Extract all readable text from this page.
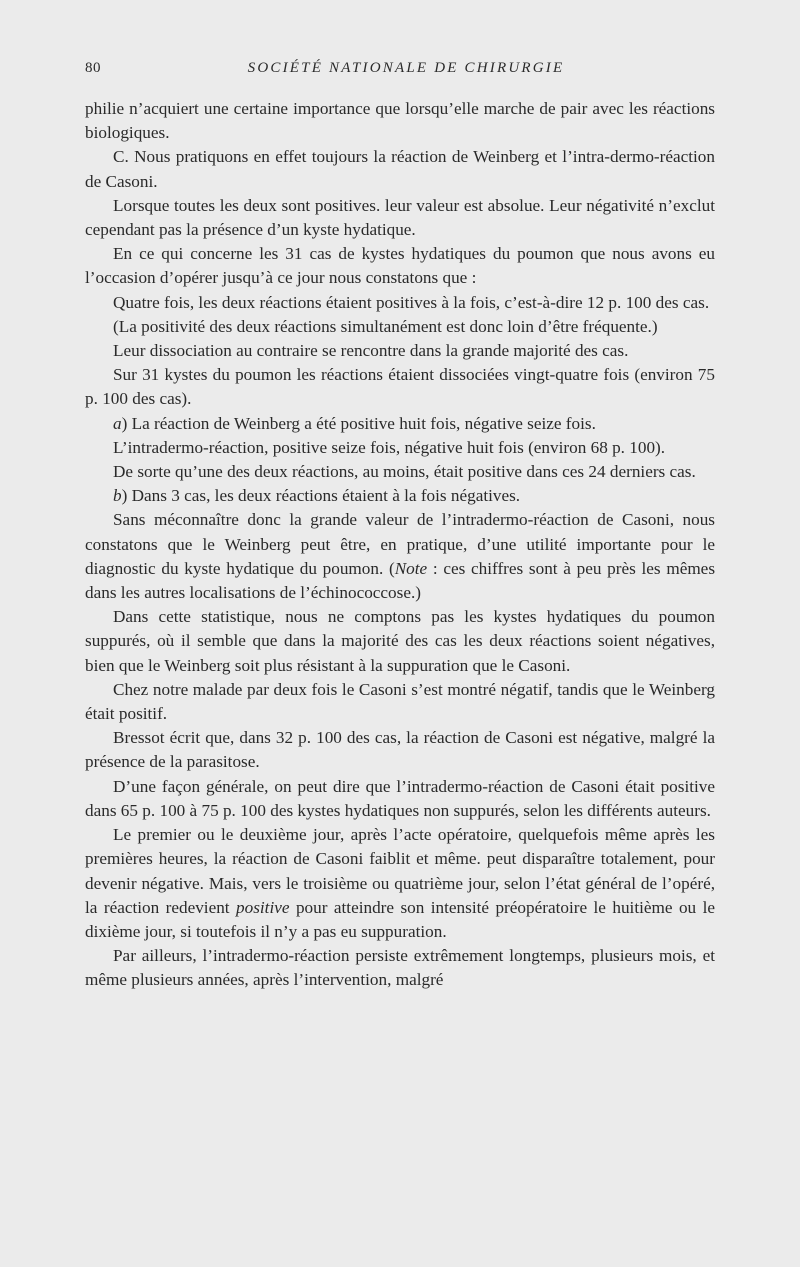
80	SOCIÉTÉ NATIONALE DE CHIRURGIE

philie n’acquiert une certaine importance que lorsqu’elle marche de pair avec les réactions biologiques.

C. Nous pratiquons en effet toujours la réaction de Weinberg et l’intra-dermo-réaction de Casoni.

Lorsque toutes les deux sont positives. leur valeur est absolue. Leur négativité n’exclut cependant pas la présence d’un kyste hydatique.

En ce qui concerne les 31 cas de kystes hydatiques du poumon que nous avons eu l’occasion d’opérer jusqu’à ce jour nous constatons que :

Quatre fois, les deux réactions étaient positives à la fois, c’est-à-dire 12 p. 100 des cas.

(La positivité des deux réactions simultanément est donc loin d’être fréquente.)

Leur dissociation au contraire se rencontre dans la grande majorité des cas.

Sur 31 kystes du poumon les réactions étaient dissociées vingt-quatre fois (environ 75 p. 100 des cas).

a) La réaction de Weinberg a été positive huit fois, négative seize fois.

L’intradermo-réaction, positive seize fois, négative huit fois (environ 68 p. 100).

De sorte qu’une des deux réactions, au moins, était positive dans ces 24 derniers cas.

b) Dans 3 cas, les deux réactions étaient à la fois négatives.

Sans méconnaître donc la grande valeur de l’intradermo-réaction de Casoni, nous constatons que le Weinberg peut être, en pratique, d’une utilité importante pour le diagnostic du kyste hydatique du poumon. (Note : ces chiffres sont à peu près les mêmes dans les autres localisations de l’échinococcose.)

Dans cette statistique, nous ne comptons pas les kystes hydatiques du poumon suppurés, où il semble que dans la majorité des cas les deux réactions soient négatives, bien que le Weinberg soit plus résistant à la suppuration que le Casoni.

Chez notre malade par deux fois le Casoni s’est montré négatif, tandis que le Weinberg était positif.

Bressot écrit que, dans 32 p. 100 des cas, la réaction de Casoni est négative, malgré la présence de la parasitose.

D’une façon générale, on peut dire que l’intradermo-réaction de Casoni était positive dans 65 p. 100 à 75 p. 100 des kystes hydatiques non suppurés, selon les différents auteurs.

Le premier ou le deuxième jour, après l’acte opératoire, quelquefois même après les premières heures, la réaction de Casoni faiblit et même. peut disparaître totalement, pour devenir négative. Mais, vers le troisième ou quatrième jour, selon l’état général de l’opéré, la réaction redevient positive pour atteindre son intensité préopératoire le huitième ou le dixième jour, si toutefois il n’y a pas eu suppuration.

Par ailleurs, l’intradermo-réaction persiste extrêmement longtemps, plusieurs mois, et même plusieurs années, après l’intervention, malgré
